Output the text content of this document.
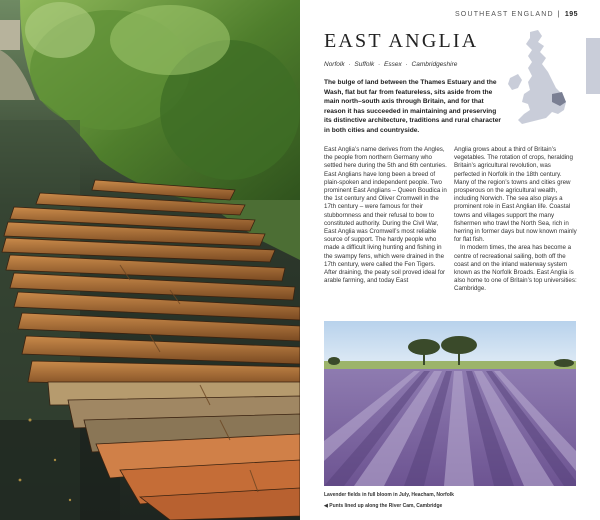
SOUTHEAST ENGLAND | 195
EAST ANGLIA
Norfolk · Suffolk · Essex · Cambridgeshire

The bulge of land between the Thames Estuary and the Wash, flat but far from featureless, sits aside from the main north–south axis through Britain, and for that reason it has succeeded in maintaining and preserving its distinctive architecture, traditions and rural character in both cities and countryside.

East Anglia’s name derives from the Angles, the people from northern Germany who settled here during the 5th and 6th centuries. East Anglians have long been a breed of plain-spoken and independent people. Two prominent East Anglians – Queen Boudica in the 1st century and Oliver Cromwell in the 17th century – were famous for their stubbornness and their refusal to bow to constituted authority. During the Civil War, East Anglia was Cromwell’s most reliable source of support. The hardy people who made a difficult living hunting and fishing in the swampy fens, which were drained in the 17th century, were called the Fen Tigers. After draining, the peaty soil proved ideal for arable farming, and today East

Anglia grows about a third of Britain’s vegetables. The rotation of crops, heralding Britain’s agricultural revolution, was perfected in Norfolk in the 18th century. Many of the region’s towns and cities grew prosperous on the agricultural wealth, including Norwich. The sea also plays a prominent role in East Anglian life. Coastal towns and villages support the many fishermen who trawl the North Sea, rich in herring in former days but now known mainly for flat fish.

In modern times, the area has become a centre of recreational sailing, both off the coast and on the inland waterway system known as the Norfolk Broads. East Anglia is also home to one of Britain’s top universities: Cambridge.

Lavender fields in full bloom in July, Heacham, Norfolk
◀ Punts lined up along the River Cam, Cambridge
